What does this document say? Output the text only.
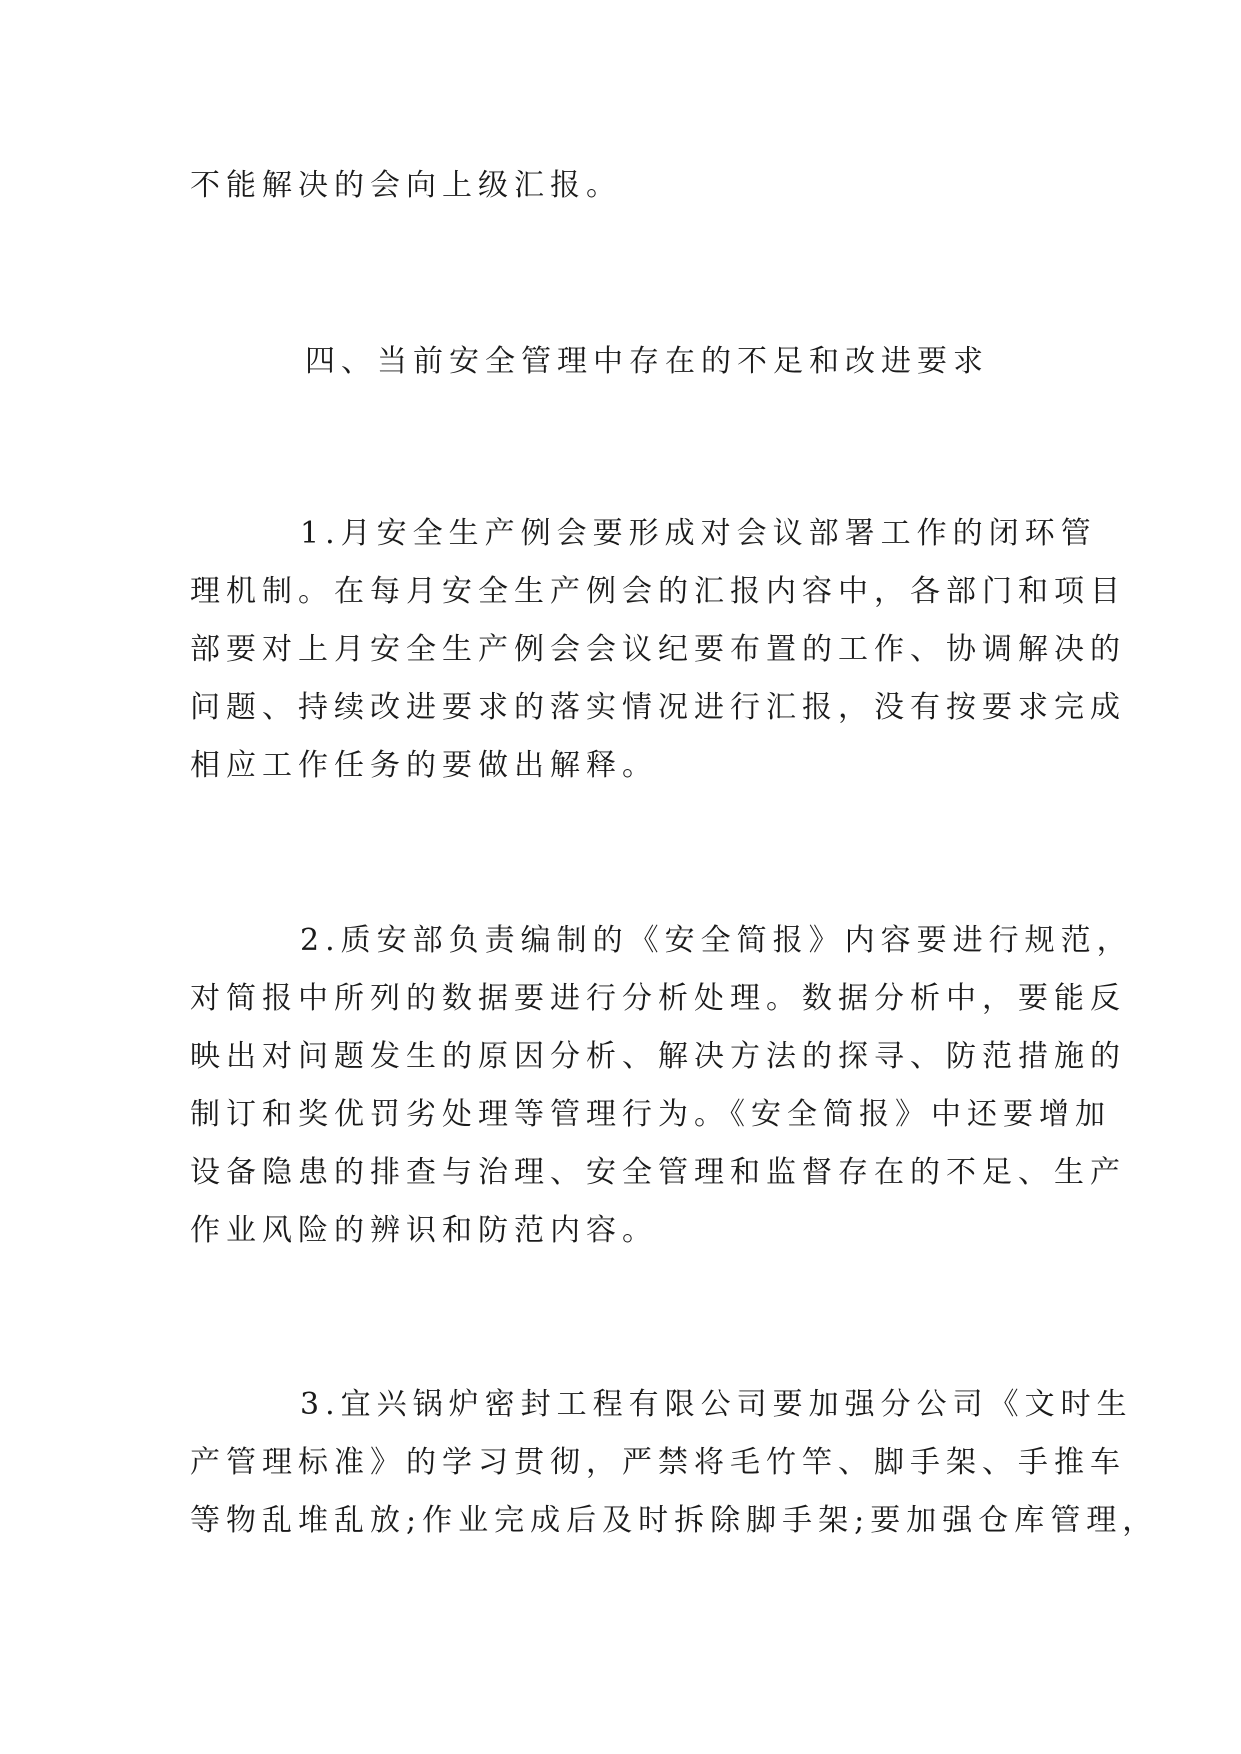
不能解决的会向上级汇报。
四、当前安全管理中存在的不足和改进要求
1.月安全生产例会要形成对会议部署工作的闭环管
理机制。在每月安全生产例会的汇报内容中，各部门和项目
部要对上月安全生产例会会议纪要布置的工作、协调解决的
问题、持续改进要求的落实情况进行汇报，没有按要求完成
相应工作任务的要做出解释。
2.质安部负责编制的《安全简报》内容要进行规范，
对简报中所列的数据要进行分析处理。数据分析中，要能反
映出对问题发生的原因分析、解决方法的探寻、防范措施的
制订和奖优罚劣处理等管理行为。《安全简报》中还要增加
设备隐患的排查与治理、安全管理和监督存在的不足、生产
作业风险的辨识和防范内容。
3.宜兴锅炉密封工程有限公司要加强分公司《文时生
产管理标准》的学习贯彻，严禁将毛竹竿、脚手架、手推车
等物乱堆乱放;作业完成后及时拆除脚手架;要加强仓库管理，
